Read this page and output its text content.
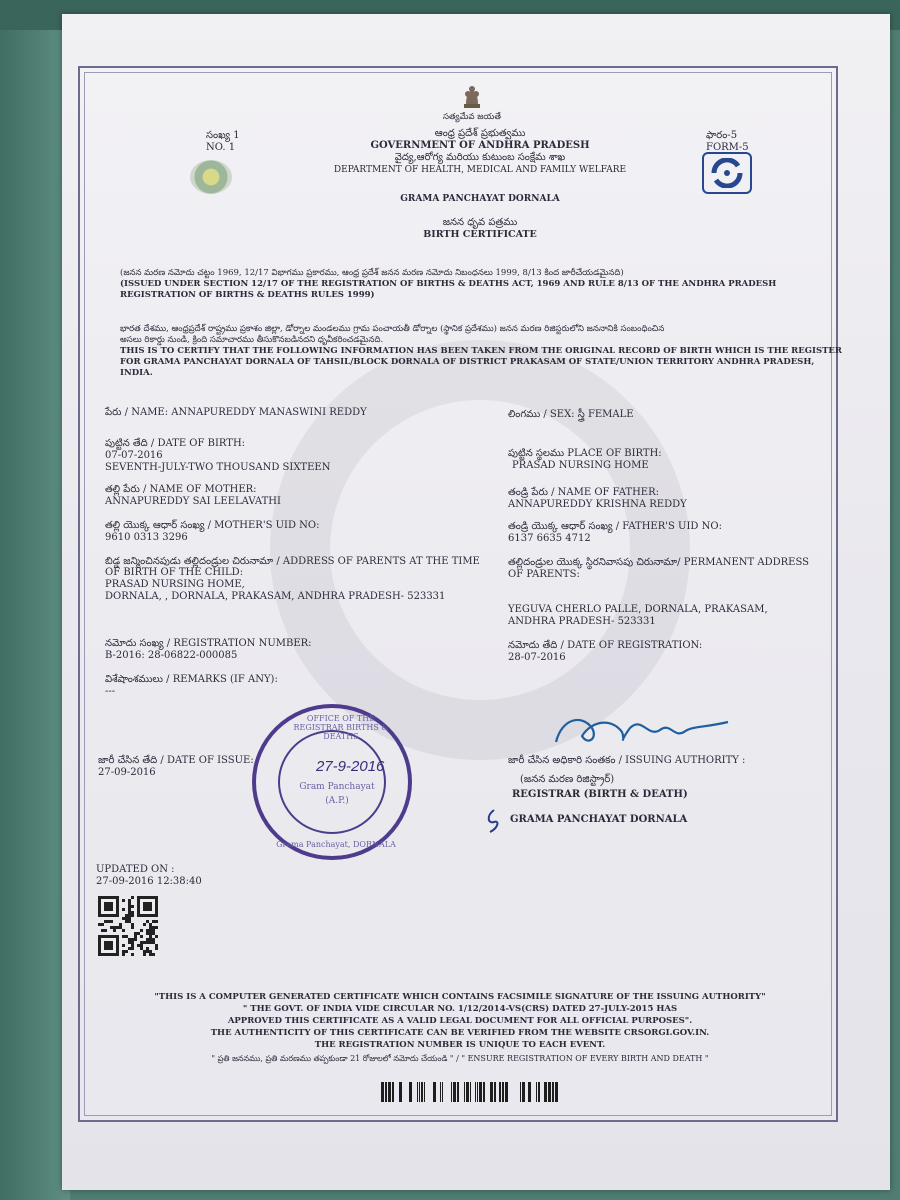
సత్యమేవ జయతే
సంఖ్య 1
NO. 1
ఆంధ్ర ప్రదేశ్ ప్రభుత్వము
GOVERNMENT OF ANDHRA PRADESH
వైద్య,ఆరోగ్య మరియు కుటుంబ సంక్షేమ శాఖ
DEPARTMENT OF HEALTH, MEDICAL AND FAMILY WELFARE
ఫారం-5
FORM-5
GRAMA PANCHAYAT DORNALA
జనన ధృవ పత్రము
BIRTH CERTIFICATE
(జనన మరణ నమోదు చట్టం 1969, 12/17 విభాగము ప్రకారము, ఆంధ్ర ప్రదేశ్ జనన మరణ నమోదు నిబంధనలు 1999, 8/13 కింద జారీచేయడమైనది)
(ISSUED UNDER SECTION 12/17 OF THE REGISTRATION OF BIRTHS & DEATHS ACT, 1969 AND RULE 8/13 OF THE ANDHRA PRADESH
REGISTRATION OF BIRTHS & DEATHS RULES 1999)
భారత దేశము, ఆంధ్రప్రదేశ్ రాష్ట్రము ప్రకాశం జిల్లా, డోర్నాల మండలము గ్రామ పంచాయతీ డోర్నాల (స్థానిక ప్రదేశము) జనన మరణ రిజిస్టరులోని జననానికి సంబంధించిన
అసలు రికార్డు నుండి, క్రింది సమాచారము తీసుకొనబడినదని ధృవీకరించడమైనది.
THIS IS TO CERTIFY THAT THE FOLLOWING INFORMATION HAS BEEN TAKEN FROM THE ORIGINAL RECORD OF BIRTH WHICH IS THE REGISTER
FOR GRAMA PANCHAYAT DORNALA OF TAHSIL/BLOCK DORNALA OF DISTRICT PRAKASAM OF STATE/UNION TERRITORY ANDHRA PRADESH,
INDIA.
పేరు / NAME: ANNAPUREDDY MANASWINI REDDY
పుట్టిన తేది / DATE OF BIRTH:
07-07-2016
SEVENTH-JULY-TWO THOUSAND SIXTEEN
తల్లి పేరు / NAME OF MOTHER:
ANNAPUREDDY SAI LEELAVATHI
తల్లి యొక్క ఆధార్ సంఖ్య / MOTHER'S UID NO:
9610 0313 3296
బిడ్డ జన్మించినపుడు తల్లిదండ్రుల చిరునామా / ADDRESS OF PARENTS AT THE TIME
OF BIRTH OF THE CHILD:
PRASAD NURSING HOME,
DORNALA, , DORNALA, PRAKASAM, ANDHRA PRADESH- 523331
నమోదు సంఖ్య / REGISTRATION NUMBER:
B-2016: 28-06822-000085
విశేషాంశములు / REMARKS (IF ANY):
---
లింగము / SEX: స్త్రీ FEMALE
పుట్టిన స్థలము PLACE OF BIRTH:
PRASAD NURSING HOME
తండ్రి పేరు / NAME OF FATHER:
ANNAPUREDDY KRISHNA REDDY
తండ్రి యొక్క ఆధార్ సంఖ్య / FATHER'S UID NO:
6137 6635 4712
తల్లిదండ్రుల యొక్క స్థిరనివాసపు చిరునామా/ PERMANENT ADDRESS
OF PARENTS:
YEGUVA CHERLO PALLE, DORNALA, PRAKASAM,
ANDHRA PRADESH- 523331
నమోదు తేది / DATE OF REGISTRATION:
28-07-2016
జారీ చేసిన తేది / DATE OF ISSUE:
27-09-2016
OFFICE OF THE REGISTRAR BIRTHS & DEATHS
27-9-2016
Gram Panchayat
(A.P.)
Grama Panchayat, DORNALA
జారీ చేసిన అధికారి సంతకం / ISSUING AUTHORITY :
(జనన మరణ రిజిస్ట్రార్)
REGISTRAR (BIRTH & DEATH)
GRAMA PANCHAYAT DORNALA
UPDATED ON :
27-09-2016 12:38:40
"THIS IS A COMPUTER GENERATED CERTIFICATE WHICH CONTAINS FACSIMILE SIGNATURE OF THE ISSUING AUTHORITY"
" THE GOVT. OF INDIA VIDE CIRCULAR NO. 1/12/2014-VS(CRS) DATED 27-JULY-2015 HAS
APPROVED THIS CERTIFICATE AS A VALID LEGAL DOCUMENT FOR ALL OFFICIAL PURPOSES".
THE AUTHENTICITY OF THIS CERTIFICATE CAN BE VERIFIED FROM THE WEBSITE CRSORGI.GOV.IN.
THE REGISTRATION NUMBER IS UNIQUE TO EACH EVENT.
" ప్రతి జననము, ప్రతి మరణము తప్పకుండా 21 రోజులలో నమోదు చేయండి " / " ENSURE REGISTRATION OF EVERY BIRTH AND DEATH "
